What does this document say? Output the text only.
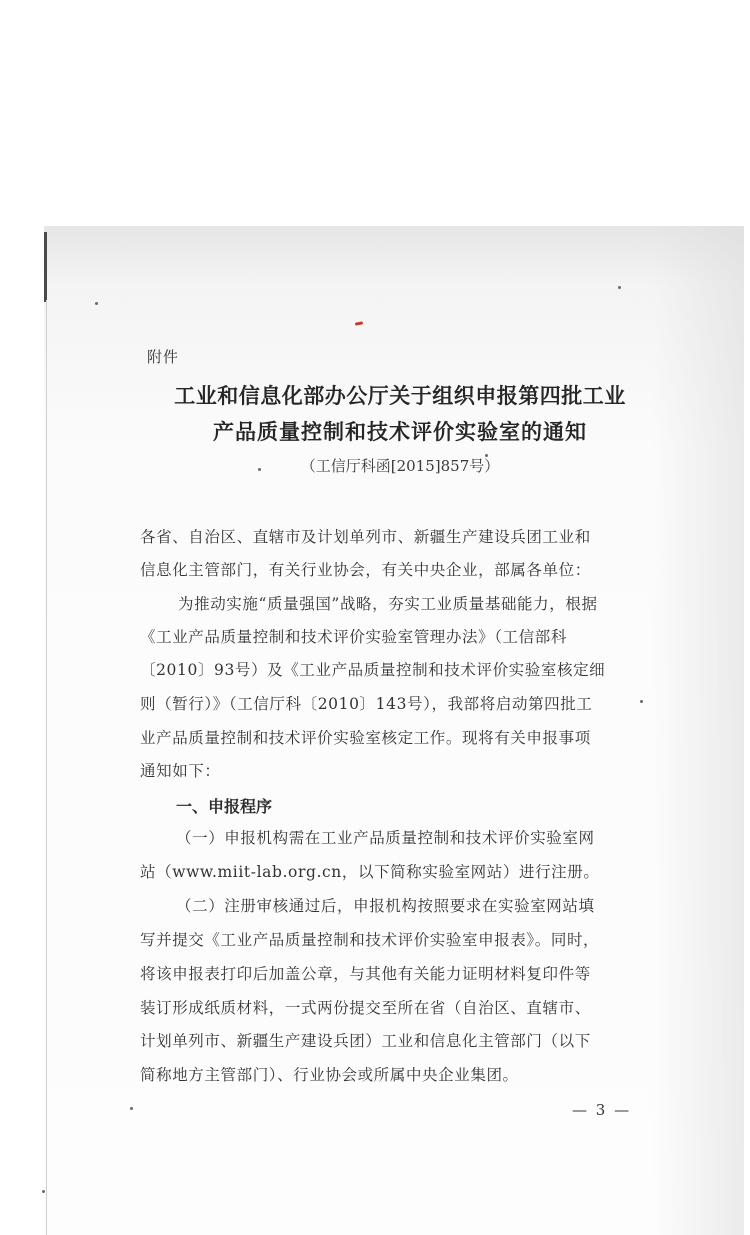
附件
工业和信息化部办公厅关于组织申报第四批工业
产品质量控制和技术评价实验室的通知
（工信厅科函[2015]857号）
各省、自治区、直辖市及计划单列市、新疆生产建设兵团工业和
信息化主管部门，有关行业协会，有关中央企业，部属各单位：
为推动实施“质量强国”战略，夯实工业质量基础能力，根据
《工业产品质量控制和技术评价实验室管理办法》（工信部科
〔2010〕93号）及《工业产品质量控制和技术评价实验室核定细
则（暂行）》（工信厅科〔2010〕143号），我部将启动第四批工
业产品质量控制和技术评价实验室核定工作。现将有关申报事项
通知如下：
一、申报程序
（一）申报机构需在工业产品质量控制和技术评价实验室网
站（www.miit-lab.org.cn，以下简称实验室网站）进行注册。
（二）注册审核通过后，申报机构按照要求在实验室网站填
写并提交《工业产品质量控制和技术评价实验室申报表》。同时，
将该申报表打印后加盖公章，与其他有关能力证明材料复印件等
装订形成纸质材料，一式两份提交至所在省（自治区、直辖市、
计划单列市、新疆生产建设兵团）工业和信息化主管部门（以下
简称地方主管部门）、行业协会或所属中央企业集团。
— 3 —
